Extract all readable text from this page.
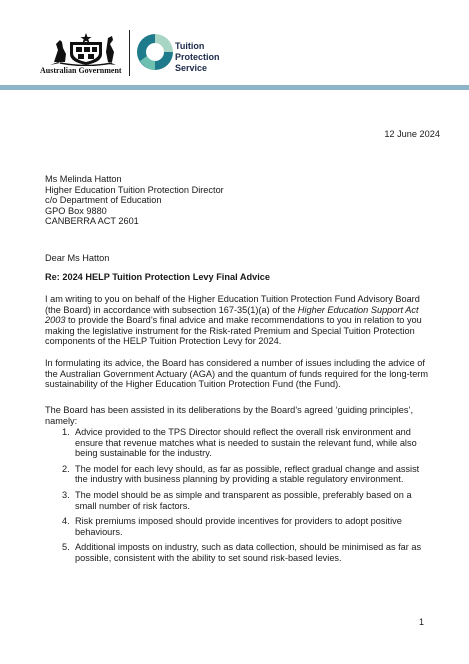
Australian Government
Tuition
Protection
Service
12 June 2024
Ms Melinda Hatton
Higher Education Tuition Protection Director
c/o Department of Education
GPO Box 9880
CANBERRA ACT 2601
Dear Ms Hatton
Re: 2024 HELP Tuition Protection Levy Final Advice

I am writing to you on behalf of the Higher Education Tuition Protection Fund Advisory Board (the Board) in accordance with subsection 167-35(1)(a) of the Higher Education Support Act 2003 to provide the Board’s final advice and make recommendations to you in relation to you making the legislative instrument for the Risk-rated Premium and Special Tuition Protection components of the HELP Tuition Protection Levy for 2024.

In formulating its advice, the Board has considered a number of issues including the advice of the Australian Government Actuary (AGA) and the quantum of funds required for the long-term sustainability of the Higher Education Tuition Protection Fund (the Fund).

The Board has been assisted in its deliberations by the Board’s agreed ‘guiding principles’, namely:

1. Advice provided to the TPS Director should reflect the overall risk environment and ensure that revenue matches what is needed to sustain the relevant fund, while also being sustainable for the industry.
2. The model for each levy should, as far as possible, reflect gradual change and assist the industry with business planning by providing a stable regulatory environment.
3. The model should be as simple and transparent as possible, preferably based on a small number of risk factors.
4. Risk premiums imposed should provide incentives for providers to adopt positive behaviours.
5. Additional imposts on industry, such as data collection, should be minimised as far as possible, consistent with the ability to set sound risk-based levies.
1
